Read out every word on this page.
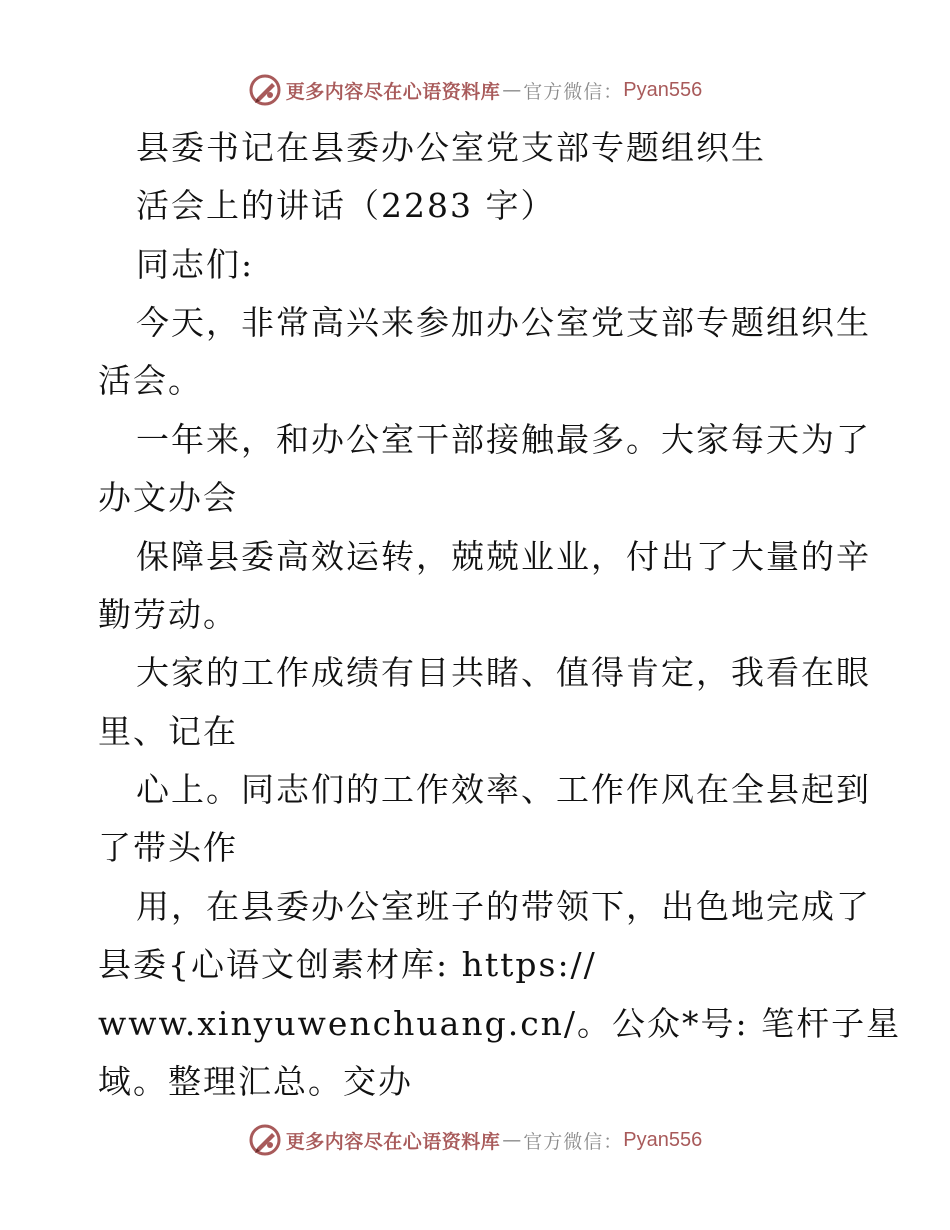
更多内容尽在心语资料库 — 官方微信： Pyan556
县委书记在县委办公室党支部专题组织生
活会上的讲话（2283 字）
同志们:
今天，非常高兴来参加办公室党支部专题组织生
活会。
一年来，和办公室干部接触最多。大家每天为了
办文办会
保障县委高效运转，兢兢业业，付出了大量的辛
勤劳动。
大家的工作成绩有目共睹、值得肯定，我看在眼
里、记在
心上。同志们的工作效率、工作作风在全县起到
了带头作
用，在县委办公室班子的带领下，出色地完成了
县委{心语文创素材库: https://
www.xinyuwenchuang.cn/。公众*号: 笔杆子星
域。整理汇总。交办
更多内容尽在心语资料库 — 官方微信： Pyan556
